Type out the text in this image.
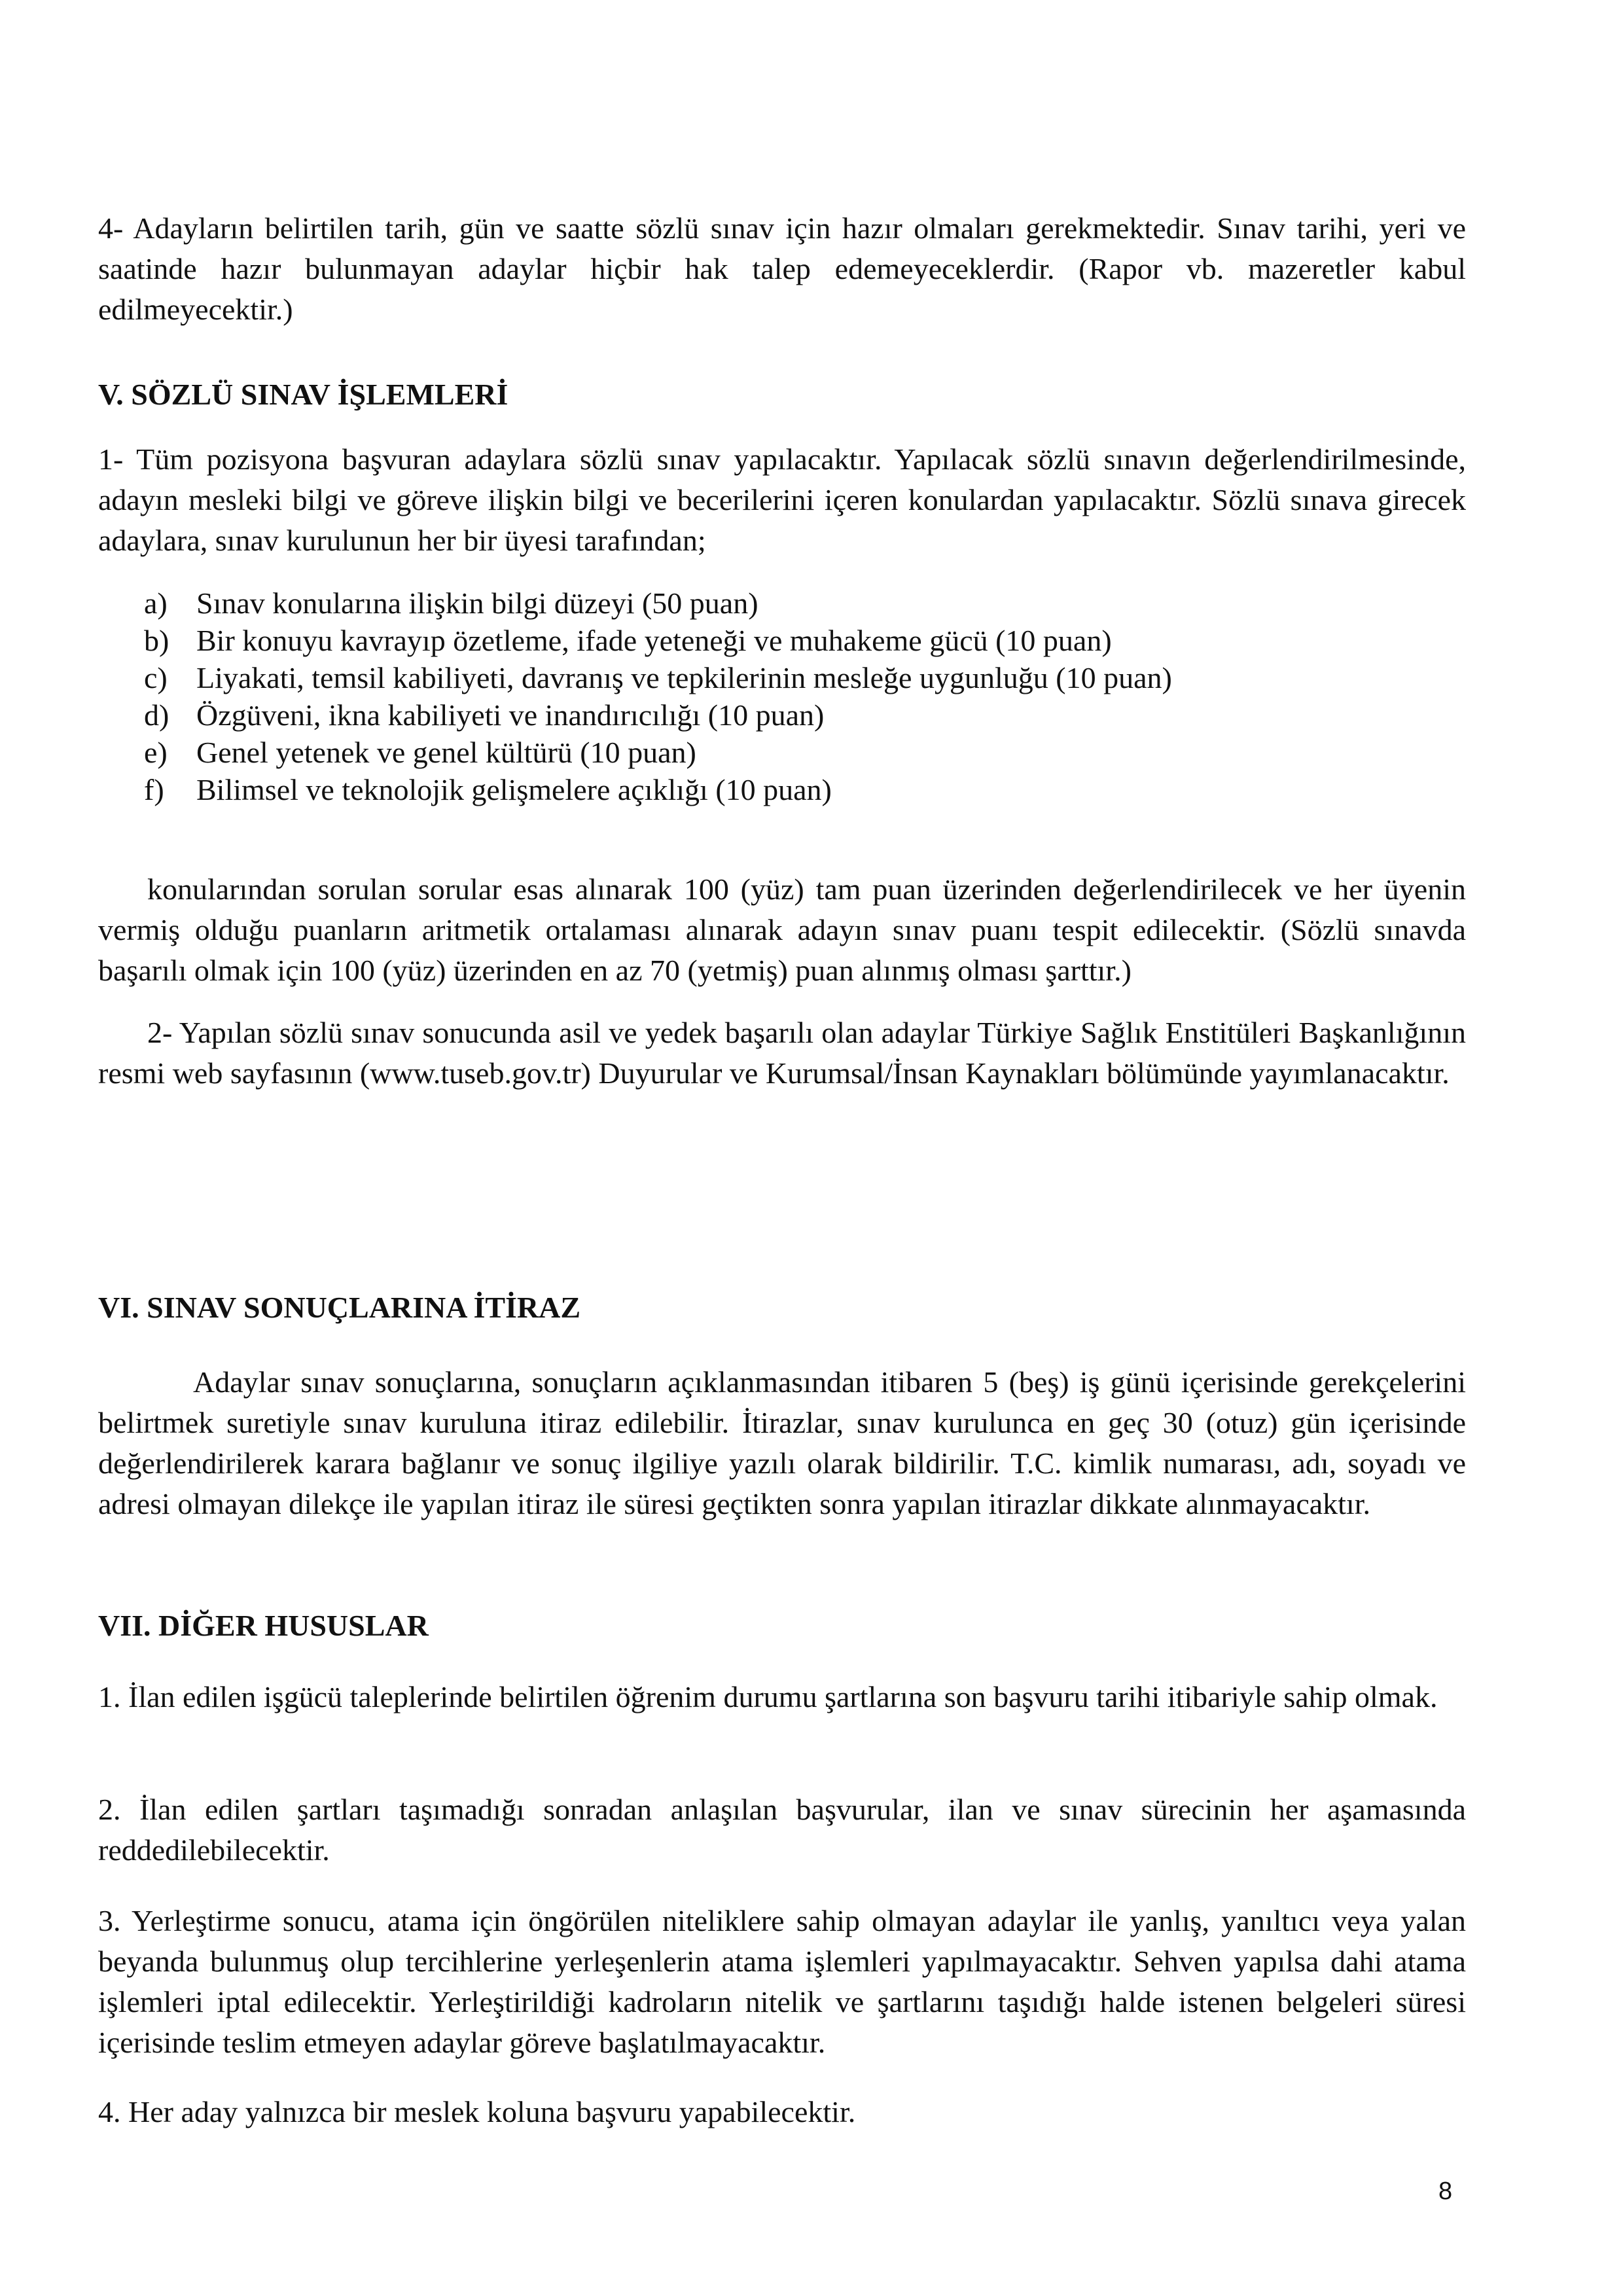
4- Adayların belirtilen tarih, gün ve saatte sözlü sınav için hazır olmaları gerekmektedir. Sınav tarihi, yeri ve saatinde hazır bulunmayan adaylar hiçbir hak talep edemeyeceklerdir. (Rapor vb. mazeretler kabul edilmeyecektir.)

V. SÖZLÜ SINAV İŞLEMLERİ

1- Tüm pozisyona başvuran adaylara sözlü sınav yapılacaktır. Yapılacak sözlü sınavın değerlendirilmesinde, adayın mesleki bilgi ve göreve ilişkin bilgi ve becerilerini içeren konulardan yapılacaktır. Sözlü sınava girecek adaylara, sınav kurulunun her bir üyesi tarafından;

a) Sınav konularına ilişkin bilgi düzeyi (50 puan)
b) Bir konuyu kavrayıp özetleme, ifade yeteneği ve muhakeme gücü (10 puan)
c) Liyakati, temsil kabiliyeti, davranış ve tepkilerinin mesleğe uygunluğu (10 puan)
d) Özgüveni, ikna kabiliyeti ve inandırıcılığı (10 puan)
e) Genel yetenek ve genel kültürü (10 puan)
f) Bilimsel ve teknolojik gelişmelere açıklığı (10 puan)

konularından sorulan sorular esas alınarak 100 (yüz) tam puan üzerinden değerlendirilecek ve her üyenin vermiş olduğu puanların aritmetik ortalaması alınarak adayın sınav puanı tespit edilecektir. (Sözlü sınavda başarılı olmak için 100 (yüz) üzerinden en az 70 (yetmiş) puan alınmış olması şarttır.)

2- Yapılan sözlü sınav sonucunda asil ve yedek başarılı olan adaylar Türkiye Sağlık Enstitüleri Başkanlığının resmi web sayfasının (www.tuseb.gov.tr) Duyurular ve Kurumsal/İnsan Kaynakları bölümünde yayımlanacaktır.

VI. SINAV SONUÇLARINA İTİRAZ

Adaylar sınav sonuçlarına, sonuçların açıklanmasından itibaren 5 (beş) iş günü içerisinde gerekçelerini belirtmek suretiyle sınav kuruluna itiraz edilebilir. İtirazlar, sınav kurulunca en geç 30 (otuz) gün içerisinde değerlendirilerek karara bağlanır ve sonuç ilgiliye yazılı olarak bildirilir. T.C. kimlik numarası, adı, soyadı ve adresi olmayan dilekçe ile yapılan itiraz ile süresi geçtikten sonra yapılan itirazlar dikkate alınmayacaktır.

VII. DİĞER HUSUSLAR

1. İlan edilen işgücü taleplerinde belirtilen öğrenim durumu şartlarına son başvuru tarihi itibariyle sahip olmak.

2. İlan edilen şartları taşımadığı sonradan anlaşılan başvurular, ilan ve sınav sürecinin her aşamasında reddedilebilecektir.

3. Yerleştirme sonucu, atama için öngörülen niteliklere sahip olmayan adaylar ile yanlış, yanıltıcı veya yalan beyanda bulunmuş olup tercihlerine yerleşenlerin atama işlemleri yapılmayacaktır. Sehven yapılsa dahi atama işlemleri iptal edilecektir. Yerleştirildiği kadroların nitelik ve şartlarını taşıdığı halde istenen belgeleri süresi içerisinde teslim etmeyen adaylar göreve başlatılmayacaktır.

4. Her aday yalnızca bir meslek koluna başvuru yapabilecektir.

8
